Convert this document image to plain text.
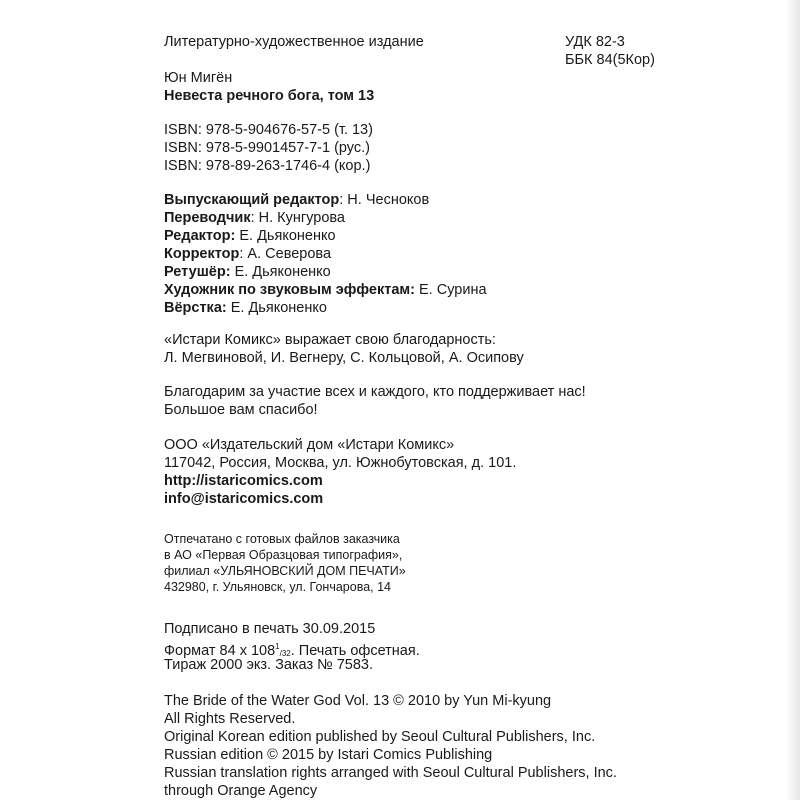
Литературно-художественное издание	УДК 82-3
ББК 84(5Кор)
Юн Мигён
Невеста речного бога, том 13
ISBN: 978-5-904676-57-5 (т. 13)
ISBN: 978-5-9901457-7-1 (рус.)
ISBN: 978-89-263-1746-4 (кор.)
Выпускающий редактор: Н. Чесноков
Переводчик: Н. Кунгурова
Редактор: Е. Дьяконенко
Корректор: А. Северова
Ретушёр: Е. Дьяконенко
Художник по звуковым эффектам: Е. Сурина
Вёрстка: Е. Дьяконенко
«Истари Комикс» выражает свою благодарность:
Л. Мегвиновой, И. Вегнеру, С. Кольцовой, А. Осипову
Благодарим за участие всех и каждого, кто поддерживает нас!
Большое вам спасибо!
ООО «Издательский дом «Истари Комикс»
117042, Россия, Москва, ул. Южнобутовская, д. 101.
http://istaricomics.com
info@istaricomics.com
Отпечатано с готовых файлов заказчика
в АО «Первая Образцовая типография»,
филиал «УЛЬЯНОВСКИЙ ДОМ ПЕЧАТИ»
432980, г. Ульяновск, ул. Гончарова, 14
Подписано в печать 30.09.2015
Формат 84 х $108^1_{/32}$. Печать офсетная.
Тираж 2000 экз. Заказ № 7583.
The Bride of the Water God Vol. 13 © 2010 by Yun Mi-kyung
All Rights Reserved.
Original Korean edition published by Seoul Cultural Publishers, Inc.
Russian edition © 2015 by Istari Comics Publishing
Russian translation rights arranged with Seoul Cultural Publishers, Inc.
through Orange Agency
